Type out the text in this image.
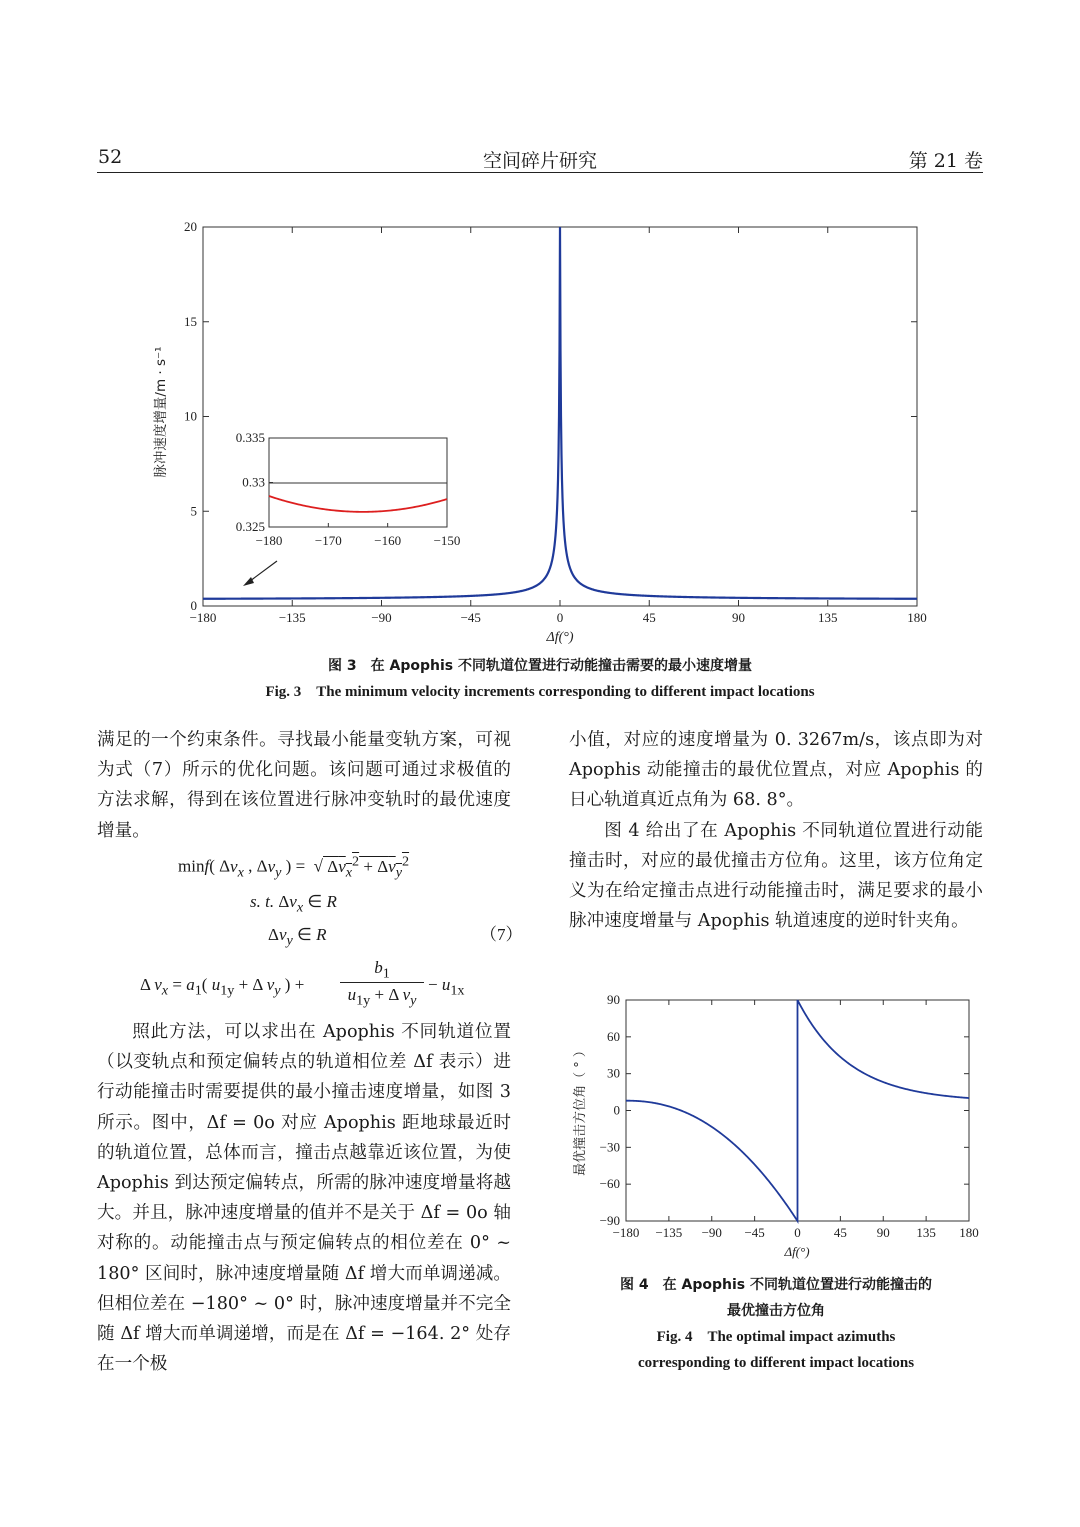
52	空间碎片研究	第 21 卷
−180	−135	−90	−45	0	45	90	135	180
0
5
10
15
20
−180 −170 −160 −150
0.325
0.33
0.335
Δf(°)
脉冲速度增量/m · s⁻¹
图 3　在 Apophis 不同轨道位置进行动能撞击需要的最小速度增量
Fig. 3　The minimum velocity increments corresponding to different impact locations

满足的一个约束条件。寻找最小能量变轨方案，可视为式（7）所示的优化问题。该问题可通过求极值的方法求解，得到在该位置进行脉冲变轨时的最优速度增量。

minf( $\Delta v_x$ , $\Delta v_y$ ) =  √ $\Delta v_x^2 + \Delta v_y^2$
s. t. $\Delta v_x$ ∈ R
$\Delta v_y$ ∈ R	（7）
Δ $v_x = a_1$( $u_{1y} + \Delta$ $v_y$ ) +
$b_1$
$u_{1y} + \Delta$ $v_y$
− $u_{1x}$

照此方法，可以求出在 Apophis 不同轨道位置（以变轨点和预定偏转点的轨道相位差 Δf 表示）进行动能撞击时需要提供的最小撞击速度增量，如图 3 所示。图中，Δf = 0o 对应 Apophis 距地球最近时的轨道位置，总体而言，撞击点越靠近该位置，为使 Apophis 到达预定偏转点，所需的脉冲速度增量将越大。并且，脉冲速度增量的值并不是关于 Δf = 0o 轴对称的。动能撞击点与预定偏转点的相位差在 0° ~ 180° 区间时，脉冲速度增量随 Δf 增大而单调递减。但相位差在 −180° ~ 0° 时，脉冲速度增量并不完全随 Δf 增大而单调递增，而是在 Δf = −164. 2° 处存在一个极

小值，对应的速度增量为 0. 3267m/s，该点即为对 Apophis 动能撞击的最优位置点，对应 Apophis 的日心轨道真近点角为 68. 8°。

图 4 给出了在 Apophis 不同轨道位置进行动能撞击时，对应的最优撞击方位角。这里，该方位角定义为在给定撞击点进行动能撞击时，满足要求的最小脉冲速度增量与 Apophis 轨道速度的逆时针夹角。

−180 −135 −90 −45 0	45 90 135 180
90
60
30
0
−30
−60
−90
Δf(°)
最优撞击方位角（ ° ）
图 4　在 Apophis 不同轨道位置进行动能撞击的
最优撞击方位角
Fig. 4　The optimal impact azimuths
corresponding to different impact locations
